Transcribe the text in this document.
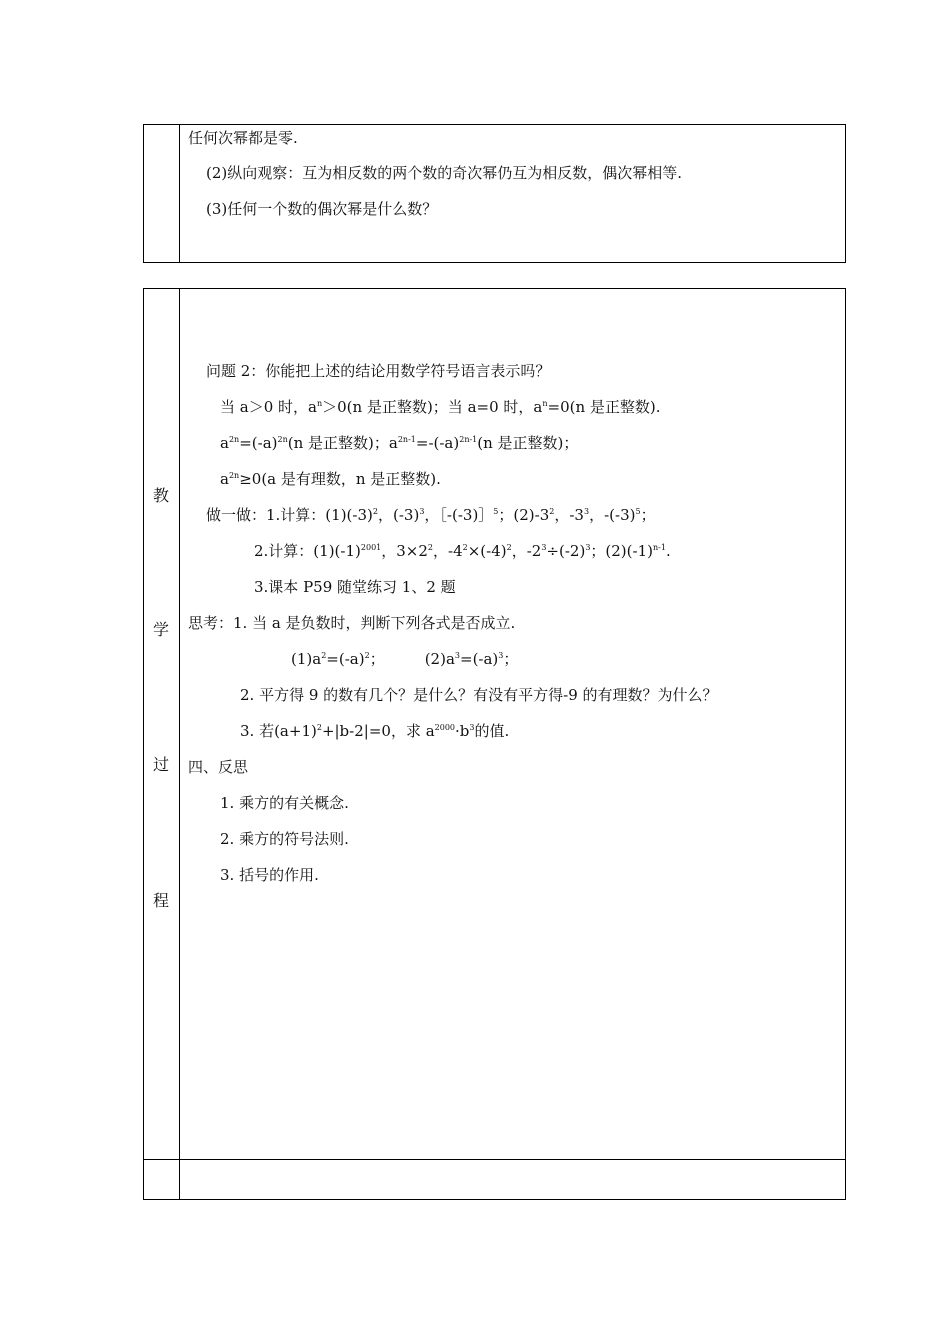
任何次幂都是零.
(2)纵向观察：互为相反数的两个数的奇次幂仍互为相反数，偶次幂相等.
(3)任何一个数的偶次幂是什么数？
教
学
过
程
问题 2：你能把上述的结论用数学符号语言表示吗？
当 a＞0 时，$a^n>0(n$ 是正整数)；当 a=0 时，$a^n=0(n$ 是正整数).
$a^{2n}=(-a)^{2n}(n$ 是正整数)；$a^{2n-1}=-(-a)^{2n-1}(n$ 是正整数)；
$a^{2n}\ge 0(a$ 是有理数，n 是正整数).
做一做：1.计算：$(1)(-3)^2$，$(-3)^3$，［-(-3)］$^5$；$(2)-3^2$，$-3^3$，$-(-3)^5$；
2.计算：$(1)(-1)^{2001}$，$3\times 2^2$，$-4^2\times(-4)^2$，$-2^3\div(-2)^3$；$(2)(-1)^{n-1}$.
3.课本 P59 随堂练习 1、2 题
思考：1. 当 a 是负数时，判断下列各式是否成立.
$(1)a^2=(-a)^2$；	$(2)a^3=(-a)^3$；
2. 平方得 9 的数有几个？是什么？有没有平方得-9 的有理数？为什么？
3. 若$(a+1)^2+|b-2|=0$，求 $a^{2000}\cdot b^3$的值.
四、反思
1. 乘方的有关概念.
2. 乘方的符号法则.
3. 括号的作用.
